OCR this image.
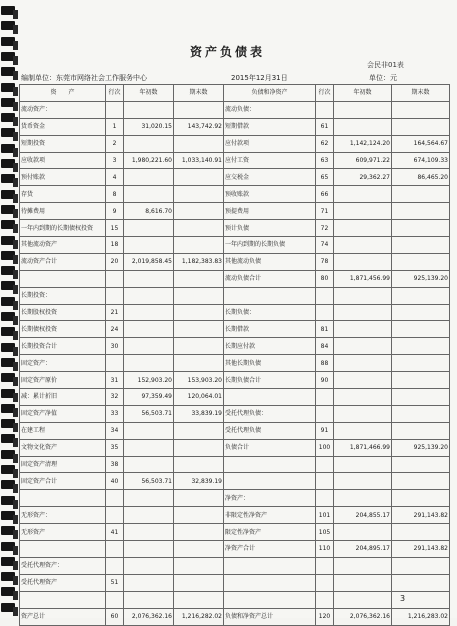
资产负债表
会民非01表
编制单位：东莞市网络社会工作服务中心	2015年12月31日	单位：元
资　　产	行次	年初数	期末数	负债和净资产	行次	年初数	期末数
流动资产：				流动负债：			
货币资金	1	31,020.15	143,742.92	短期借款	61		
短期投资	2			应付款项	62	1,142,124.20	164,564.67
应收款项	3	1,980,221.60	1,033,140.91	应付工资	63	609,971.22	674,109.33
预付账款	4			应交税金	65	29,362.27	86,465.20
存货	8			预收账款	66		
待摊费用	9	8,616.70		预提费用	71		
一年内到期的长期债权投资	15			预计负债	72		
其他流动资产	18			一年内到期的长期负债	74		
流动资产合计	20	2,019,858.45	1,182,383.83	其他流动负债	78		
				流动负债合计	80	1,871,456.99	925,139.20
长期投资：							
长期股权投资	21			长期负债：			
长期债权投资	24			长期借款	81		
长期投资合计	30			长期应付款	84		
固定资产：				其他长期负债	88		
固定资产原价	31	152,903.20	153,903.20	长期负债合计	90		
减：累计折旧	32	97,359.49	120,064.01				
固定资产净值	33	56,503.71	33,839.19	受托代理负债：			
在建工程	34			受托代理负债	91		
文物文化资产	35			负债合计	100	1,871,466.99	925,139.20
固定资产清理	38						
固定资产合计	40	56,503.71	32,839.19				
				净资产：			
无形资产：				非限定性净资产	101	204,855.17	291,143.82
无形资产	41			限定性净资产	105		
				净资产合计	110	204,895.17	291,143.82
受托代理资产：							
受托代理资产	51						

资产总计	60	2,076,362.16	1,216,282.02	负债和净资产总计	120	2,076,362.16	1,216,283.02
3
